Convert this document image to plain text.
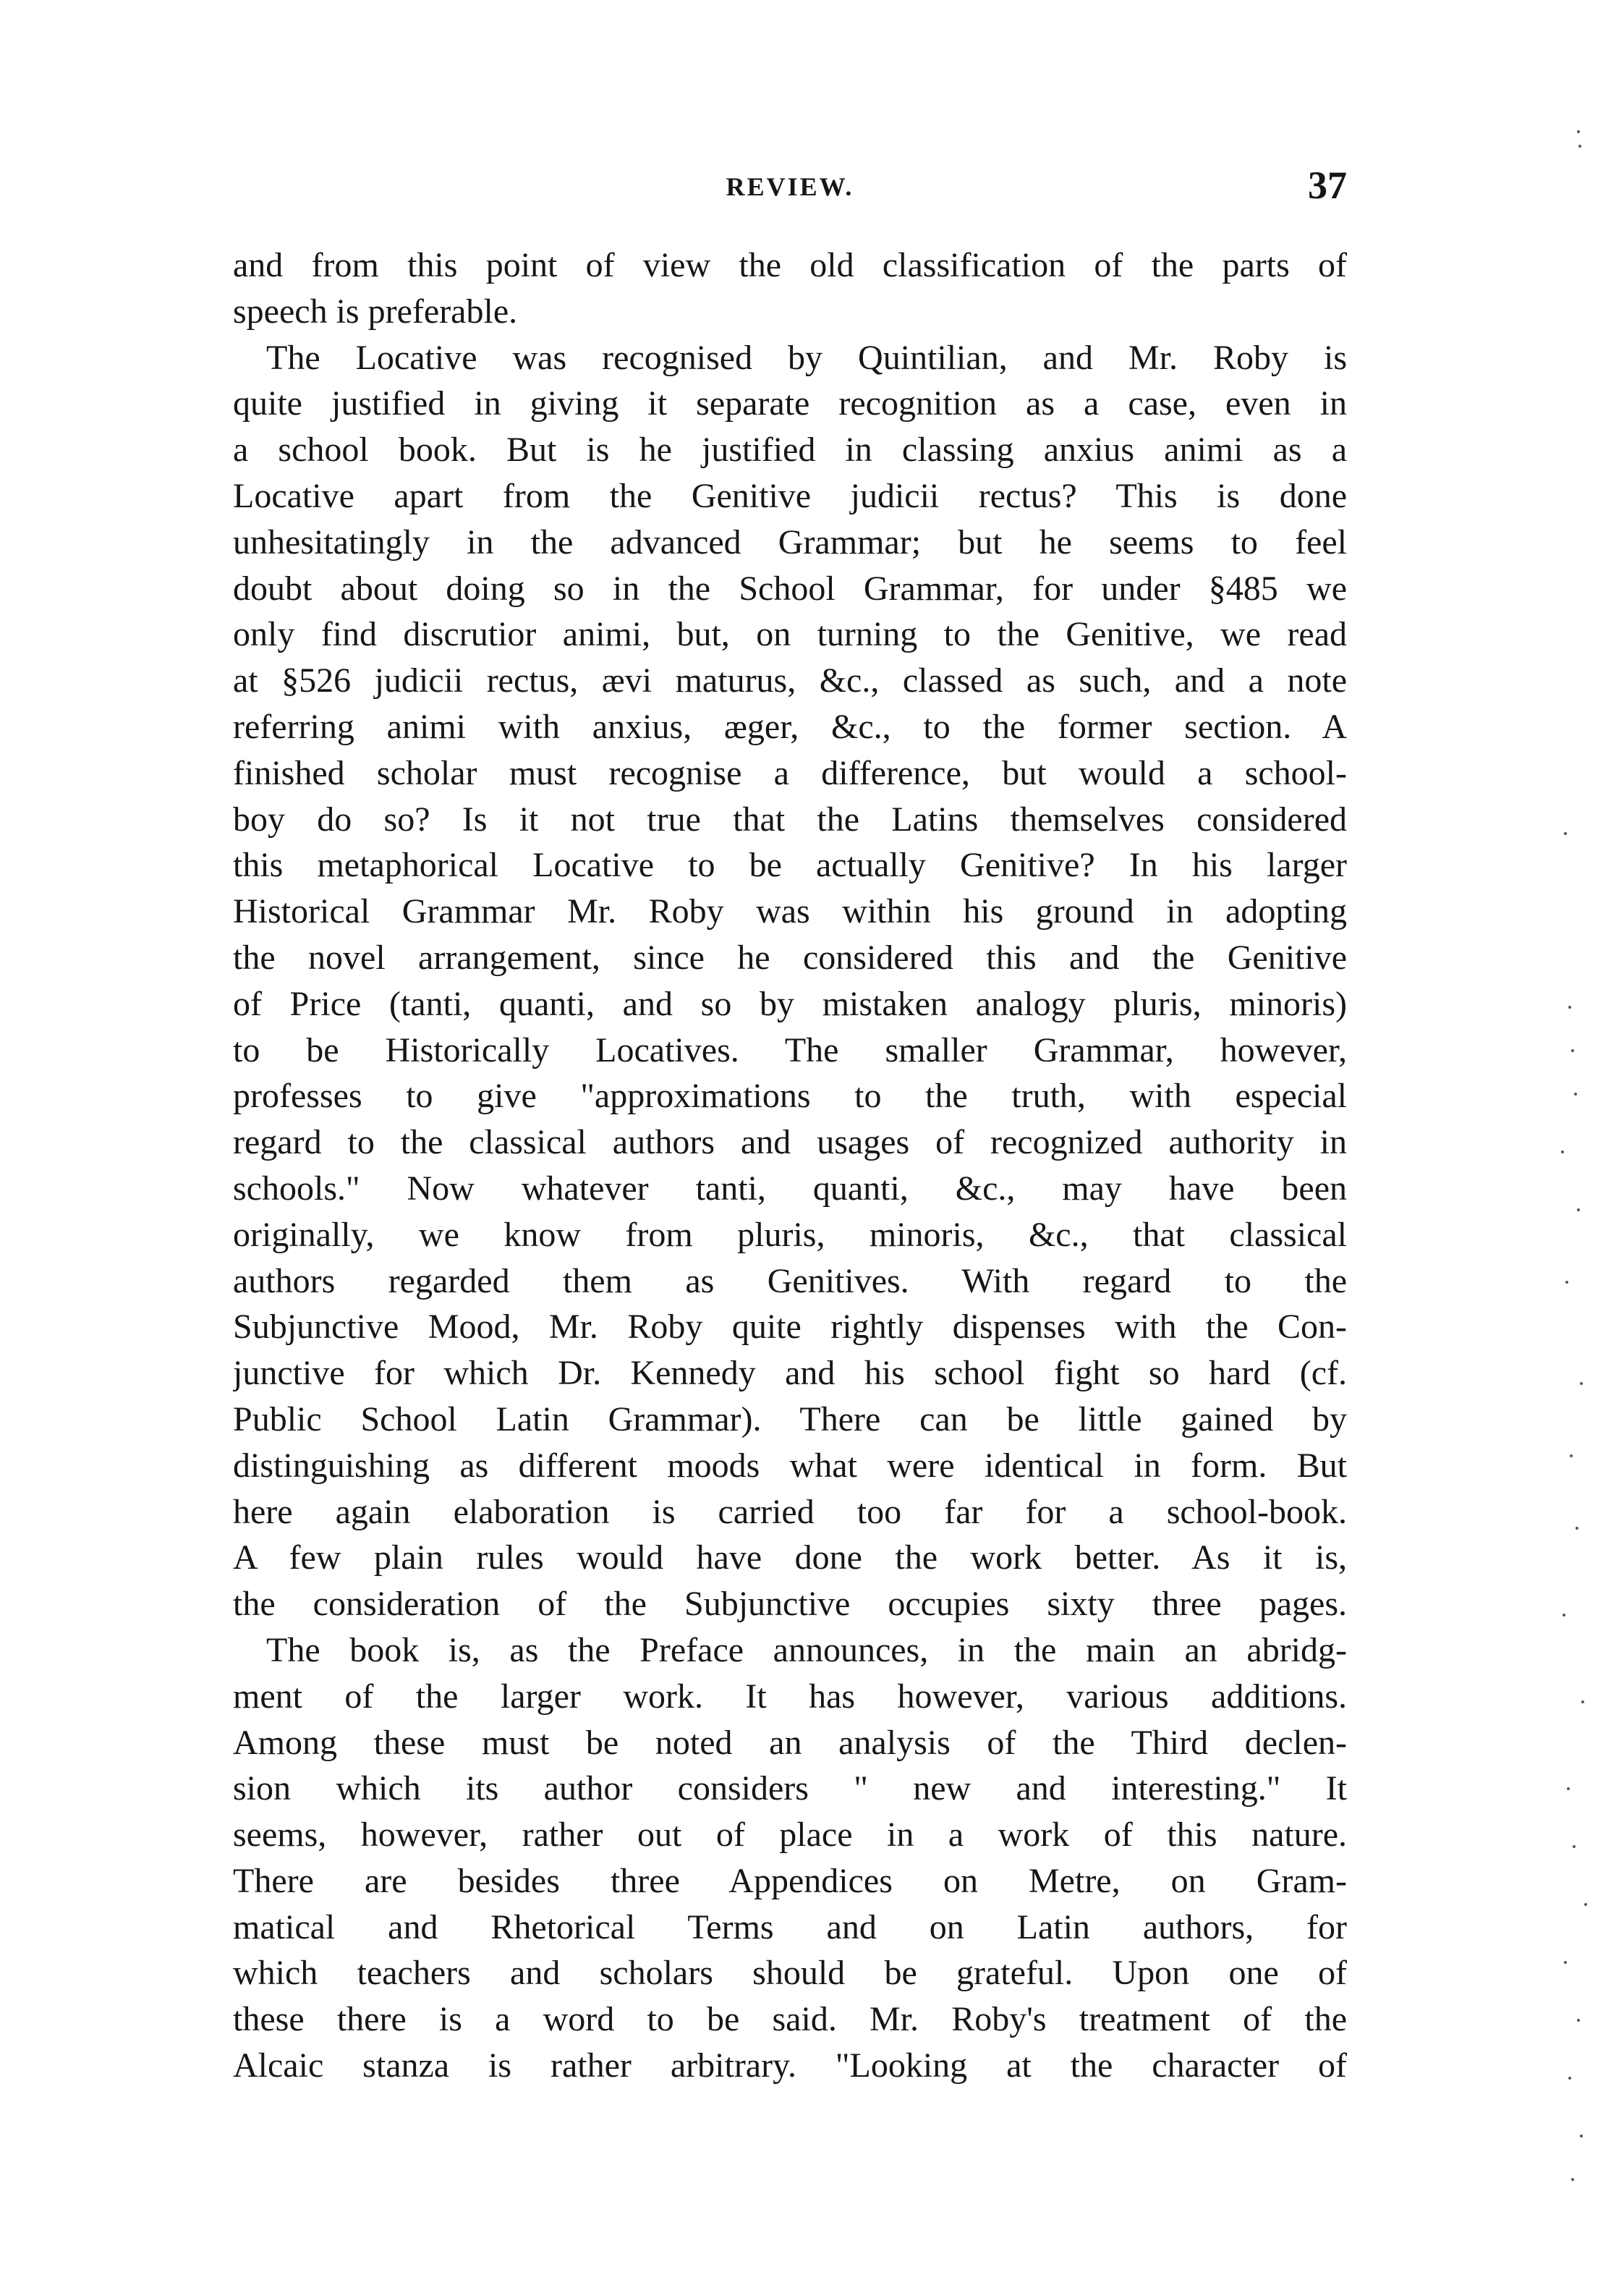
REVIEW.	37
and from this point of view the old classification of the parts of
speech is preferable.
The Locative was recognised by Quintilian, and Mr. Roby is
quite justified in giving it separate recognition as a case, even in
a school book. But is he justified in classing anxius animi as a
Locative apart from the Genitive judicii rectus? This is done
unhesitatingly in the advanced Grammar; but he seems to feel
doubt about doing so in the School Grammar, for under §485 we
only find discrutior animi, but, on turning to the Genitive, we read
at §526 judicii rectus, ævi maturus, &c., classed as such, and a note
referring animi with anxius, æger, &c., to the former section. A
finished scholar must recognise a difference, but would a school-
boy do so? Is it not true that the Latins themselves considered
this metaphorical Locative to be actually Genitive? In his larger
Historical Grammar Mr. Roby was within his ground in adopting
the novel arrangement, since he considered this and the Genitive
of Price (tanti, quanti, and so by mistaken analogy pluris, minoris)
to be Historically Locatives. The smaller Grammar, however,
professes to give "approximations to the truth, with especial
regard to the classical authors and usages of recognized authority in
schools." Now whatever tanti, quanti, &c., may have been
originally, we know from pluris, minoris, &c., that classical
authors regarded them as Genitives. With regard to the
Subjunctive Mood, Mr. Roby quite rightly dispenses with the Con-
junctive for which Dr. Kennedy and his school fight so hard (cf.
Public School Latin Grammar). There can be little gained by
distinguishing as different moods what were identical in form. But
here again elaboration is carried too far for a school-book.
A few plain rules would have done the work better. As it is,
the consideration of the Subjunctive occupies sixty three pages.
The book is, as the Preface announces, in the main an abridg-
ment of the larger work. It has however, various additions.
Among these must be noted an analysis of the Third declen-
sion which its author considers " new and interesting." It
seems, however, rather out of place in a work of this nature.
There are besides three Appendices on Metre, on Gram-
matical and Rhetorical Terms and on Latin authors, for
which teachers and scholars should be grateful. Upon one of
these there is a word to be said. Mr. Roby's treatment of the
Alcaic stanza is rather arbitrary. "Looking at the character of
